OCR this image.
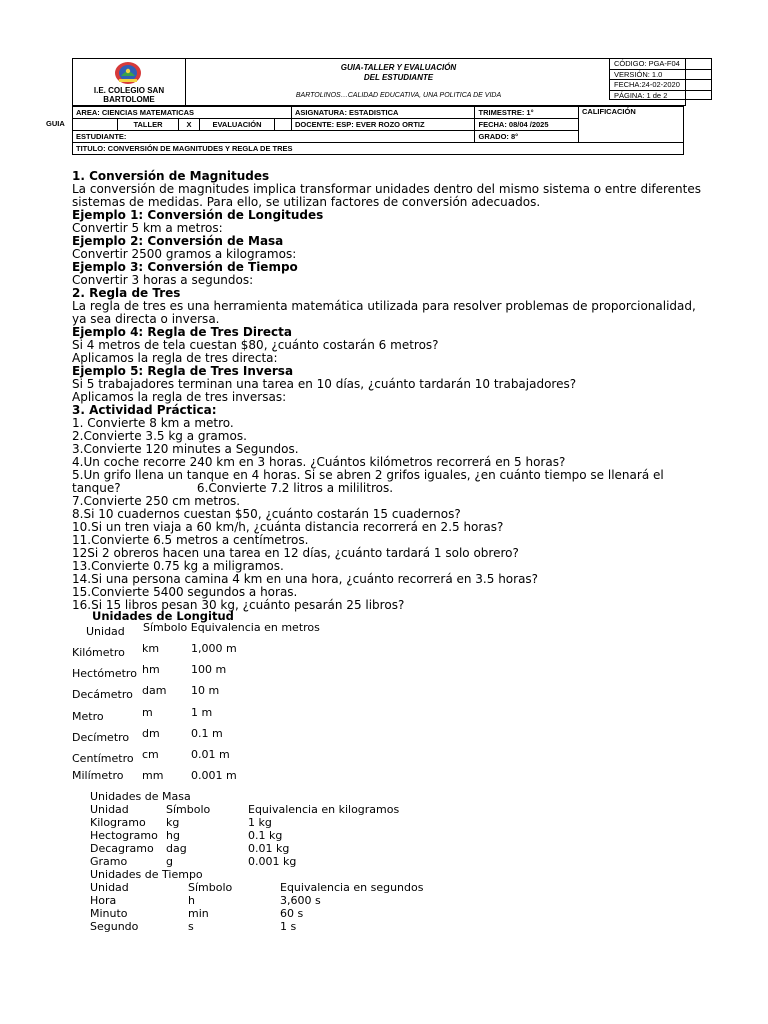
I.E. COLEGIO SAN BARTOLOME
GUIA-TALLER Y EVALUACIÓN
DEL ESTUDIANTE
BARTOLINOS…CALIDAD EDUCATIVA, UNA POLITICA DE VIDA
CÓDIGO: PGA-F04
VERSIÓN: 1.0
FECHA:24-02-2020
PÁGINA: 1 de 2
GUIA
AREA: CIENCIAS MATEMATICAS					ASIGNATURA: ESTADISTICA	TRIMESTRE: 1°	CALIFICACIÓN
	TALLER	X	EVALUACIÓN		DOCENTE: ESP: EVER ROZO ORTIZ	FECHA: 08/04 /2025	
ESTUDIANTE:						GRADO: 8°	
TITULO: CONVERSIÓN DE MAGNITUDES Y REGLA DE TRES							

1. Conversión de Magnitudes

La conversión de magnitudes implica transformar unidades dentro del mismo sistema o entre diferentes

sistemas de medidas. Para ello, se utilizan factores de conversión adecuados.

Ejemplo 1: Conversión de Longitudes

Convertir 5 km a metros:

Ejemplo 2: Conversión de Masa

Convertir 2500 gramos a kilogramos:

Ejemplo 3: Conversión de Tiempo

Convertir 3 horas a segundos:

2. Regla de Tres

La regla de tres es una herramienta matemática utilizada para resolver problemas de proporcionalidad,

ya sea directa o inversa.

Ejemplo 4: Regla de Tres Directa

Si 4 metros de tela cuestan $80, ¿cuánto costarán 6 metros?

Aplicamos la regla de tres directa:

Ejemplo 5: Regla de Tres Inversa

Si 5 trabajadores terminan una tarea en 10 días, ¿cuánto tardarán 10 trabajadores?

Aplicamos la regla de tres inversas:

3. Actividad Práctica:

1. Convierte 8 km a metro.

2.Convierte 3.5 kg a gramos.

3.Convierte 120 minutes a Segundos.

4.Un coche recorre 240 km en 3 horas. ¿Cuántos kilómetros recorrerá en 5 horas?

5.Un grifo llena un tanque en 4 horas. Si se abren 2 grifos iguales, ¿en cuánto tiempo se llenará el

tanque?                    6.Convierte 7.2 litros a mililitros.

7.Convierte 250 cm metros.

8.Si 10 cuadernos cuestan $50, ¿cuánto costarán 15 cuadernos?

10.Si un tren viaja a 60 km/h, ¿cuánta distancia recorrerá en 2.5 horas?

11.Convierte 6.5 metros a centímetros.

12Si 2 obreros hacen una tarea en 12 días, ¿cuánto tardará 1 solo obrero?

13.Convierte 0.75 kg a miligramos.

14.Si una persona camina 4 km en una hora, ¿cuánto recorrerá en 3.5 horas?

15.Convierte 5400 segundos a horas.

16.Si 15 libros pesan 30 kg, ¿cuánto pesarán 25 libros?

Unidades de Longitud
Unidad Símbolo Equivalencia en metros
Kilómetro km	1,000 m
Hectómetro hm	100 m
Decámetro dam 10 m
Metro	m	1 m
Decímetro dm	0.1 m
Centímetro cm	0.01 m
Milímetro mm	0.001 m
Unidades de Masa
Unidad	Símbolo	Equivalencia en kilogramos
Kilogramo kg	1 kg
Hectogramo hg	0.1 kg
Decagramo dag	0.01 kg
Gramo	g	0.001 kg
Unidades de Tiempo
Unidad	Símbolo	Equivalencia en segundos
Hora	h	3,600 s
Minuto	min	60 s
Segundo	s	1 s
